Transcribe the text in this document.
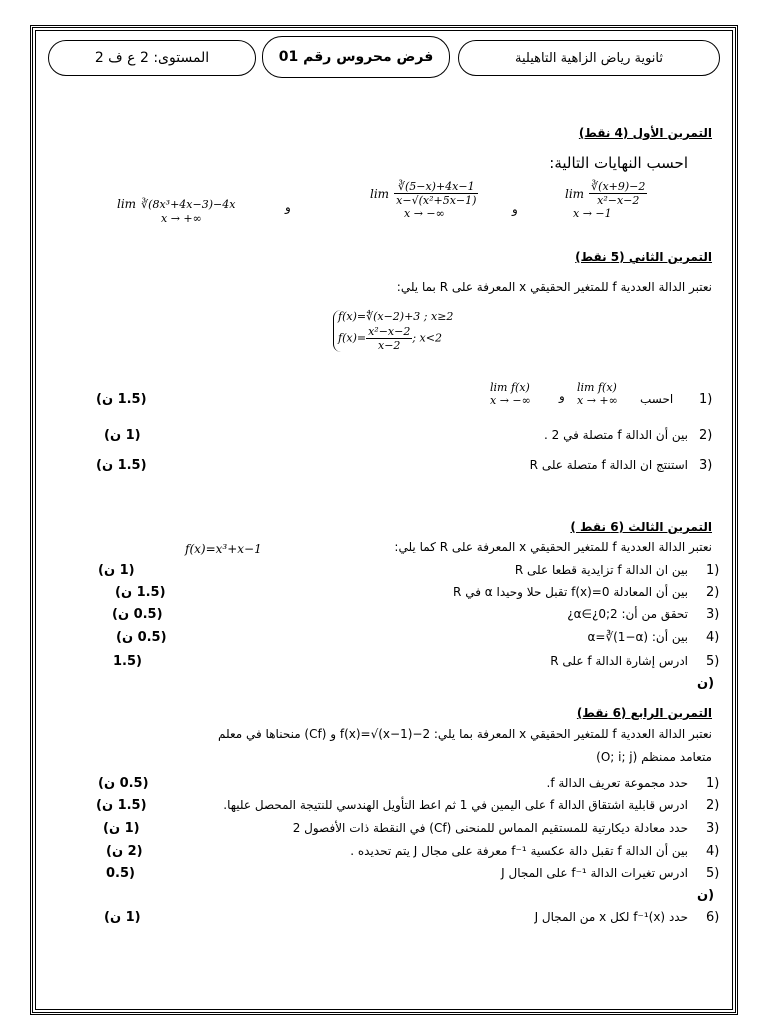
ثانوية رياض الزاهية التاهيلية
فرض محروس رقم 01
المستوى: 2 ع ف 2
التمرين الأول (4 نقط)
احسب النهايات التالية:
$\lim \frac{∛(x+9)-2}{\text{x²−x−2}}$
x → −1
و
$\lim \frac{∛(5-x)+4x-1}{\text{x−√(x²+5x−1)}}$
x → −∞
و
lim ∛(8x³+4x−3)−4x
x → +∞
التمرين الثاني (5 نقط)
نعتبر الدالة العددية f للمتغير الحقيقي x المعرفة على R بما يلي:
f(x)=∜(x−2)+3 ; x≥2
$f(x)= \frac{\text{x²−x−2}}{x-2}$ ; x<2
1)
احسب
lim f(x)
x → +∞
و
lim f(x)
x → −∞
(1.5 ن)
2)
بين أن الدالة f متصلة في 2 .
(1 ن)
3)
استنتج ان الدالة f متصلة على R
(1.5 ن)
التمرين الثالث (6 نقط )
نعتبر الدالة العددية f للمتغير الحقيقي x المعرفة على R كما يلي:
f(x)=x³+x−1
1)
بين ان الدالة f تزايدية قطعا على R
(1 ن)
2)
بين أن المعادلة f(x)=0 تقبل حلا وحيدا α في R
(1.5 ن)
3)
تحقق من أن: α∈¿0;2¿
(0.5 ن)
4)
بين أن: α=∛(1−α)
(0.5 ن)
5)
ادرس إشارة الدالة f على R
1.5)
ن)
التمرين الرابع (6 نقط)
نعتبر الدالة العددية f للمتغير الحقيقي x المعرفة بما يلي: f(x)=√(x−1)−2 و (Cf) منحناها في معلم
متعامد ممنظم (O; i; j)
1)
حدد مجموعة تعريف الدالة f.
(0.5 ن)
2)
ادرس قابلية اشتقاق الدالة f على اليمين في 1 ثم اعط التأويل الهندسي للنتيجة المحصل عليها.
(1.5 ن)
3)
حدد معادلة ديكارتية للمستقيم المماس للمنحنى (Cf) في النقطة ذات الأفصول 2
(1 ن)
4)
بين أن الدالة f تقبل دالة عكسية f⁻¹ معرفة على مجال J يتم تحديده .
(2 ن)
5)
ادرس تغيرات الدالة f⁻¹ على المجال J
0.5)
ن)
6)
حدد f⁻¹(x) لكل x من المجال J
(1 ن)
